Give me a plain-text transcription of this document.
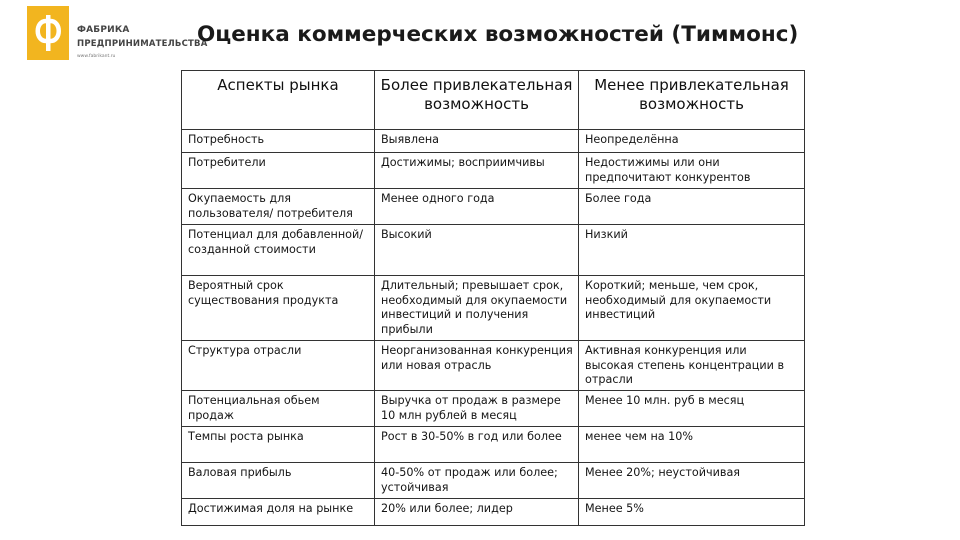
ФАБРИКА
ПРЕДПРИНИМАТЕЛЬСТВА
www.fabrikant.ru
Оценка коммерческих возможностей (Тиммонс)
Аспекты рынка	Более привлекательная возможность	Менее привлекательная возможность
Потребность	Выявлена	Неопределённа
Потребители	Достижимы; восприимчивы	Недостижимы или они предпочитают конкурентов
Окупаемость для пользователя/ потребителя	Менее одного года	Более года
Потенциал для добавленной/ созданной стоимости	Высокий	Низкий
Вероятный срок существования продукта	Длительный; превышает срок, необходимый для окупаемости инвестиций и получения прибыли	Короткий; меньше, чем срок, необходимый для окупаемости инвестиций
Структура отрасли	Неорганизованная конкуренция или новая отрасль	Активная конкуренция или высокая степень концентрации в отрасли
Потенциальная обьем продаж	Выручка от продаж в размере 10 млн рублей в месяц	Менее 10 млн. руб в месяц
Темпы роста рынка	Рост в 30-50% в год или более	менее чем на 10%
Валовая прибыль	40-50% от продаж или более; устойчивая	Менее 20%; неустойчивая
Достижимая доля на рынке	20% или более; лидер	Менее 5%
